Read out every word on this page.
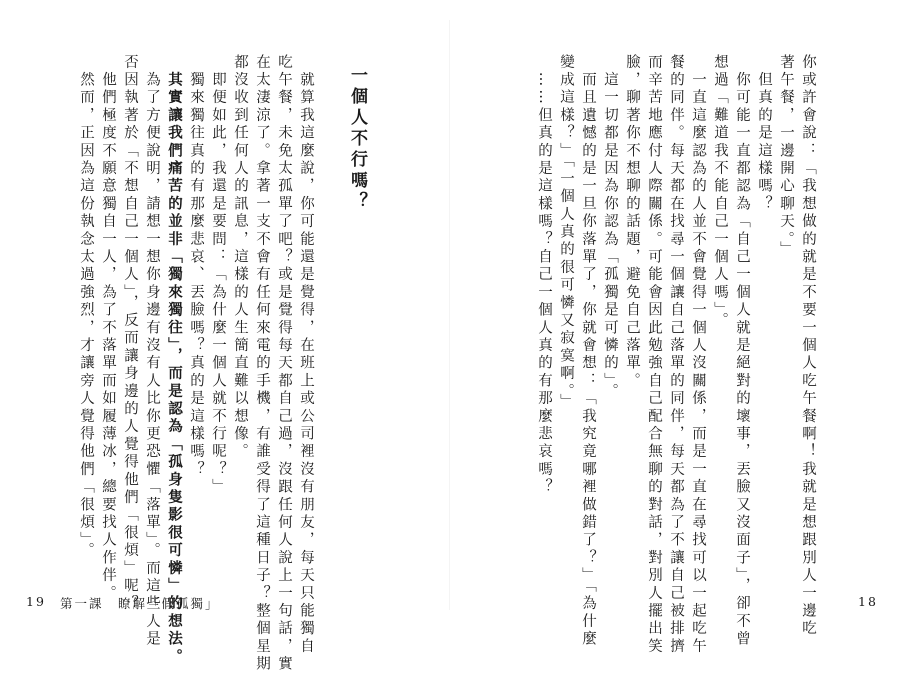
你或許會說：「我想做的就是不要一個人吃午餐啊！我就是想跟別人一邊吃
著午餐，一邊開心聊天。」
　但真的是這樣嗎？
　你可能一直都認為「自己一個人就是絕對的壞事，丟臉又沒面子」，卻不曾
想過「難道我不能自己一個人嗎」。
　一直這麼認為的人並不會覺得一個人沒關係，而是一直在尋找可以一起吃午
餐的同伴。每天都在找尋一個讓自己落單的同伴，每天都為了不讓自己被排擠
而辛苦地應付人際關係。可能會因此勉強自己配合無聊的對話，對別人擺出笑
臉，聊著你不想聊的話題，避免自己落單。
　這一切都是因為你認為「孤獨是可憐的」。
　而且遺憾的是一旦你落單了，你就會想：「我究竟哪裡做錯了？」「為什麼
變成這樣？」「一個人真的很可憐又寂寞啊。」
　……但真的是這樣嗎？自己一個人真的有那麼悲哀嗎？
一個人不行嗎？
　就算我這麼說，你可能還是覺得，在班上或公司裡沒有朋友，每天只能獨自
吃午餐，未免太孤單了吧？或是覺得每天都自己過，沒跟任何人說上一句話，實
在太淒涼了。拿著一支不會有任何來電的手機，有誰受得了這種日子？整個星期
都沒收到任何人的訊息，這樣的人生簡直難以想像。
　即便如此，我還是要問：「為什麼一個人就不行呢？」
　獨來獨往真的有那麼悲哀、丟臉嗎？真的是這樣嗎？
　其實讓我們痛苦的並非「獨來獨往」，而是認為「孤身隻影很可憐」的想法。
　為了方便說明，請想一想你身邊有沒有人比你更恐懼「落單」。而這些人是
否因執著於「不想自己一個人」，反而讓身邊的人覺得他們「很煩」呢？
　他們極度不願意獨自一人，為了不落單而如履薄冰，總要找人作伴。
　然而，正因為這份執念太過強烈，才讓旁人覺得他們「很煩」。
19 第一課　瞭解「假孤獨」	18
